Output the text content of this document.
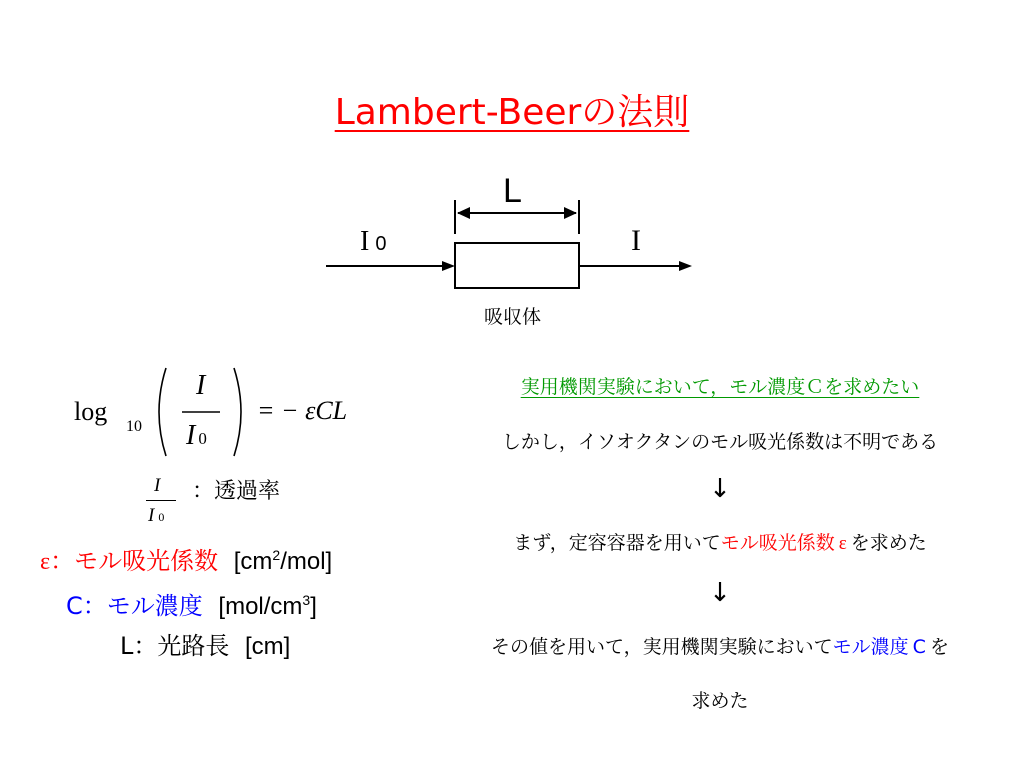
Lambert-Beerの法則
L
I 0	I
吸収体
log
10
I
I 0
= − εCL
I
I 0
：透過率
ε：モル吸光係数 $[cm^2/mol]$
C：モル濃度 $[mol/cm^3]$
L：光路長 [cm]
実用機関実験において，モル濃度Ｃを求めたい
しかし，イソオクタンのモル吸光係数は不明である
↓
まず，定容容器を用いてモル吸光係数 ε を求めた
↓
その値を用いて，実用機関実験においてモル濃度 C を
求めた
